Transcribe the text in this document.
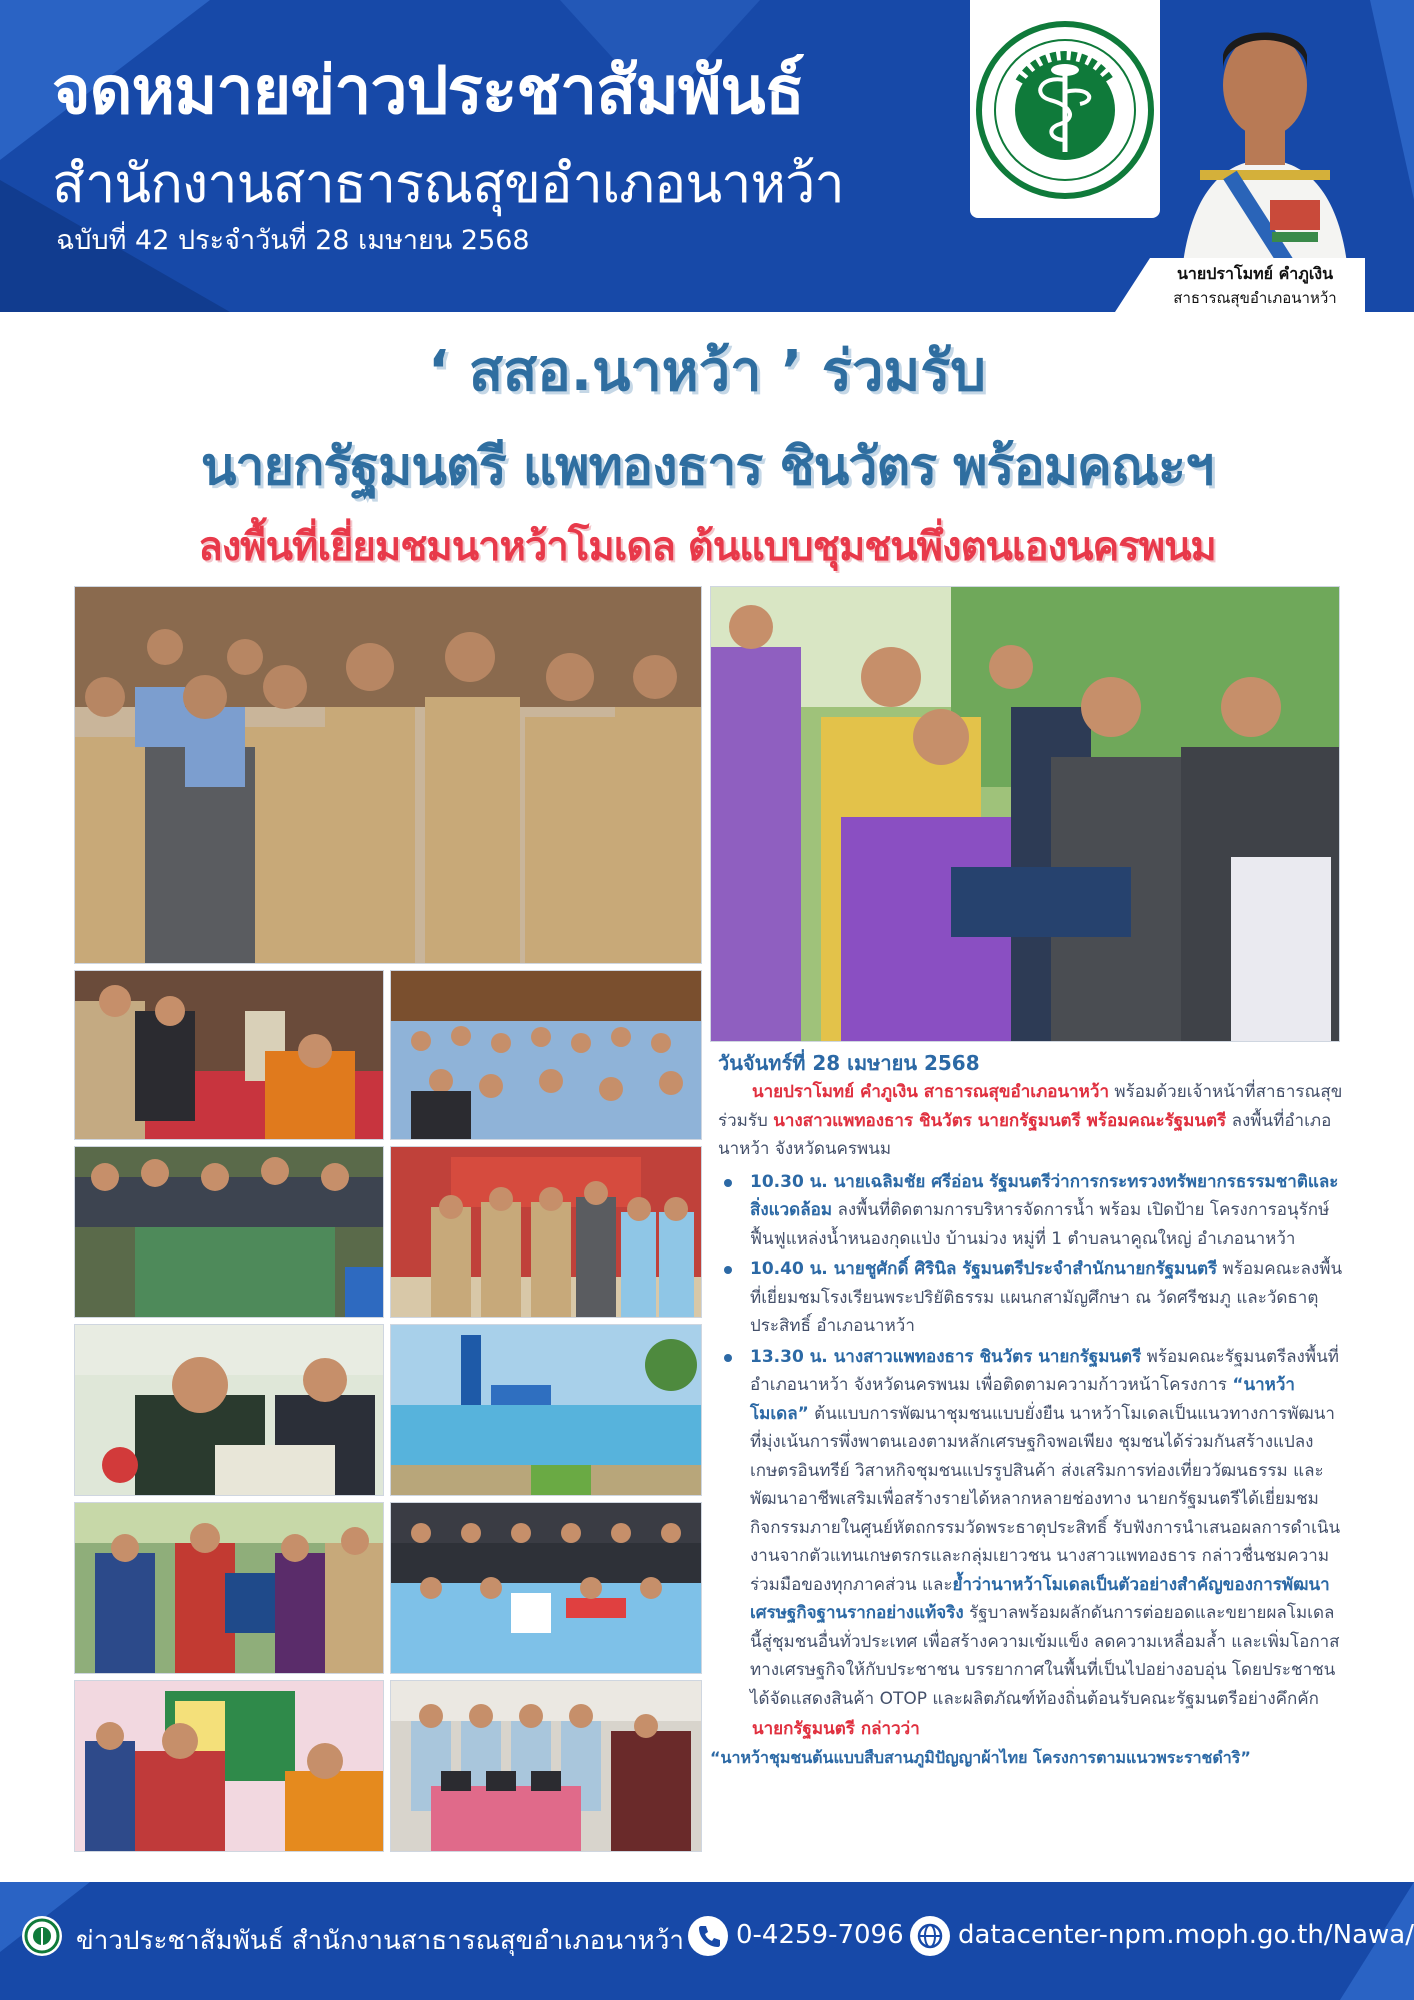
จดหมายข่าวประชาสัมพันธ์
สำนักงานสาธารณสุขอำเภอนาหว้า
ฉบับที่ 42 ประจำวันที่ 28 เมษายน 2568
นายปราโมทย์ คำภูเงิน
สาธารณสุขอำเภอนาหว้า
‘ สสอ.นาหว้า ’ ร่วมรับ
นายกรัฐมนตรี แพทองธาร ชินวัตร พร้อมคณะฯ
ลงพื้นที่เยี่ยมชมนาหว้าโมเดล ต้นแบบชุมชนพึ่งตนเองนครพนม
วันจันทร์ที่ 28 เมษายน 2568
นายปราโมทย์ คำภูเงิน สาธารณสุขอำเภอนาหว้า พร้อมด้วยเจ้าหน้าที่สาธารณสุข ร่วมรับ นางสาวแพทองธาร ชินวัตร นายกรัฐมนตรี พร้อมคณะรัฐมนตรี ลงพื้นที่อำเภอนาหว้า จังหวัดนครพนม
10.30 น. นายเฉลิมชัย ศรีอ่อน รัฐมนตรีว่าการกระทรวงทรัพยากรธรรมชาติและสิ่งแวดล้อม ลงพื้นที่ติดตามการบริหารจัดการน้ำ พร้อม เปิดป้าย โครงการอนุรักษ์ฟื้นฟูแหล่งน้ำหนองกุดแป่ง บ้านม่วง หมู่ที่ 1 ตำบลนาคูณใหญ่ อำเภอนาหว้า
10.40 น. นายชูศักดิ์ ศิรินิล รัฐมนตรีประจำสำนักนายกรัฐมนตรี พร้อมคณะลงพื้นที่เยี่ยมชมโรงเรียนพระปริยัติธรรม แผนกสามัญศึกษา ณ วัดศรีชมภู และวัดธาตุประสิทธิ์ อำเภอนาหว้า
13.30 น. นางสาวแพทองธาร ชินวัตร นายกรัฐมนตรี พร้อมคณะรัฐมนตรีลงพื้นที่อำเภอนาหว้า จังหวัดนครพนม เพื่อติดตามความก้าวหน้าโครงการ “นาหว้าโมเดล” ต้นแบบการพัฒนาชุมชนแบบยั่งยืน นาหว้าโมเดลเป็นแนวทางการพัฒนาที่มุ่งเน้นการพึ่งพาตนเองตามหลักเศรษฐกิจพอเพียง ชุมชนได้ร่วมกันสร้างแปลงเกษตรอินทรีย์ วิสาหกิจชุมชนแปรรูปสินค้า ส่งเสริมการท่องเที่ยววัฒนธรรม และพัฒนาอาชีพเสริมเพื่อสร้างรายได้หลากหลายช่องทาง นายกรัฐมนตรีได้เยี่ยมชมกิจกรรมภายในศูนย์หัตถกรรมวัดพระธาตุประสิทธิ์ รับฟังการนำเสนอผลการดำเนินงานจากตัวแทนเกษตรกรและกลุ่มเยาวชน นางสาวแพทองธาร กล่าวชื่นชมความร่วมมือของทุกภาคส่วน และย้ำว่านาหว้าโมเดลเป็นตัวอย่างสำคัญของการพัฒนาเศรษฐกิจฐานรากอย่างแท้จริง รัฐบาลพร้อมผลักดันการต่อยอดและขยายผลโมเดลนี้สู่ชุมชนอื่นทั่วประเทศ เพื่อสร้างความเข้มแข็ง ลดความเหลื่อมล้ำ และเพิ่มโอกาสทางเศรษฐกิจให้กับประชาชน บรรยากาศในพื้นที่เป็นไปอย่างอบอุ่น โดยประชาชนได้จัดแสดงสินค้า OTOP และผลิตภัณฑ์ท้องถิ่นต้อนรับคณะรัฐมนตรีอย่างคึกคัก
นายกรัฐมนตรี กล่าวว่า
“นาหว้าชุมชนต้นแบบสืบสานภูมิปัญญาผ้าไทย โครงการตามแนวพระราชดำริ”
ข่าวประชาสัมพันธ์ สำนักงานสาธารณสุขอำเภอนาหว้า 0-4259-7096 datacenter-npm.moph.go.th/Nawa/
